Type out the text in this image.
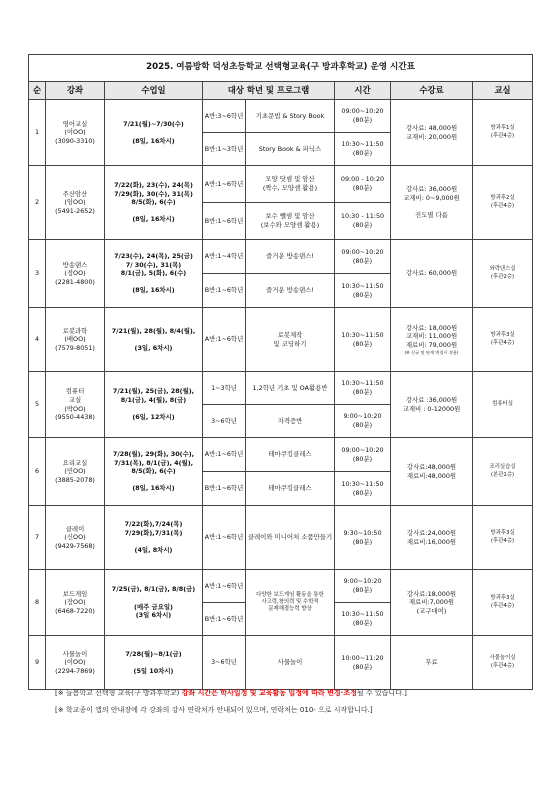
2025. 여름방학 덕성초등학교 선택형교육(구 방과후학교) 운영 시간표							
순	강좌	수업일	대상 학년 및 프로그램		시간	수강료	교실

1	영어교실
(이OO)
(3090-3310)	7/21(월)~7/30(수)

(8일, 16차시)	A반:3~6학년	기초문법 & Story Book	09:00~10:20
(80분)	강사료: 48,000원
교재비: 20,000원	방과후1실
(후관4층)

			B반:1~3학년	Story Book & 파닉스	10:30~11:50
(80분)		

2	주산암산
(임OO)
(5491-2652)	7/22(화), 23(수), 24(목)
7/29(화), 30(수), 31(목)
8/5(화), 6(수)

(8일, 16차시)	A반:1~6학년	모양 닷셈 및 암산
(짝수, 모양셈 활용)	09:00 - 10:20
(80분)	강사료: 36,000원
교재비: 0~9,000원

진도별 다름	방과후2실
(후관4층)

			B반:1~6학년	보수 뺄셈 및 암산
(보수와 모양셈 활용)	10:30 - 11:50
(80분)		

3	방송댄스
(정OO)
(2281-4800)	7/23(수), 24(목), 25(금)
7/ 30(수), 31(목)
8/1(금), 5(화), 6(수)

(8일, 16차시)	A반:1~4학년	즐거운 방송댄스!	09:00~10:20
(80분)	강사료: 60,000원	와락댄스실
(후관2층)

			B반:1~6학년	즐거운 방송댄스!	10:30~11:50
(80분)		

4	로봇과학
(배OO)
(7579-8051)	7/21(월), 28(월), 8/4(월),

(3일, 6차시)	A반:1~6학년	로봇제작
및 코딩하기	10:30~11:50
(80분)	강사료: 18,000원
교재비: 11,000원
재료비: 79,000원
(※ 신규 및 단계 변경시 적용)	방과후3실
(후관4층)

5	컴퓨터
교실
(박OO)
(9550-4438)	7/21(월), 25(금), 28(월),
8/1(금), 4(월), 8(금)

(6일, 12차시)	1~3학년	1,2학년 기초 및 OA활용반	10:30~11:50
(80분)	강사료 :36,000원
교재비 : 0-12000원	컴퓨터실

			3~6학년	자격증반	9:00~10:20
(80분)		

6	요리교실
(민OO)
(3885-2078)	7/28(월), 29(화), 30(수),
7/31(목), 8/1(금), 4(월),
8/5(화), 6(수)

(8일, 16차시)	A반:1~6학년	테마쿠킹클래스	09:00~10:20
(80분)	강사료:48,000원
재료비:48,000원	조리실습실
(본관1층)

			B반:1~6학년	테마쿠킹클래스	10:30~11:50
(80분)		

7	클레이
(신OO)
(9429-7568)	7/22(화),7/24(목)
7/29(화),7/31(목)

(4일, 8차시)	A반:1~6학년	클레이와 미니어처 소품만들기	9:30~10:50
(80분)	강사료:24,000원
재료비:16,000원	방과후3실
(후관4층)

8	보드게임
(장OO)
(6468-7220)	7/25(금), 8/1(금), 8/8(금)

(매주 금요일)
(3일 6차시)	A반:1~6학년	다양한 보드게임 활동을 통한
사고력,창의력 및 수학적
문제해결능력 향상	9:00~10:20
(80분)	강사료:18,000원
재료비:7,000원
(교구대여)	방과후3실
(후관4층)

			B반:1~6학년		10:30~11:50
(80분)		

9	사물놀이
(이OO)
(2294-7869)	7/28(월)~8/1(금)

(5일 10차시)	3~6학년	사물놀이	10:00~11:20
(80분)	무료	사물놀이실
(후관4층)
[※ 늘봄학교 선택형 교육(구 방과후학교) 강좌 시간은 학사일정 및 교육활동 일정에 따라 변경·조정될 수 있습니다.]
[※ 학교종이 앱의 안내장에 각 강좌의 강사 연락처가 안내되어 있으며, 연락처는 010- 으로 시작합니다.]
